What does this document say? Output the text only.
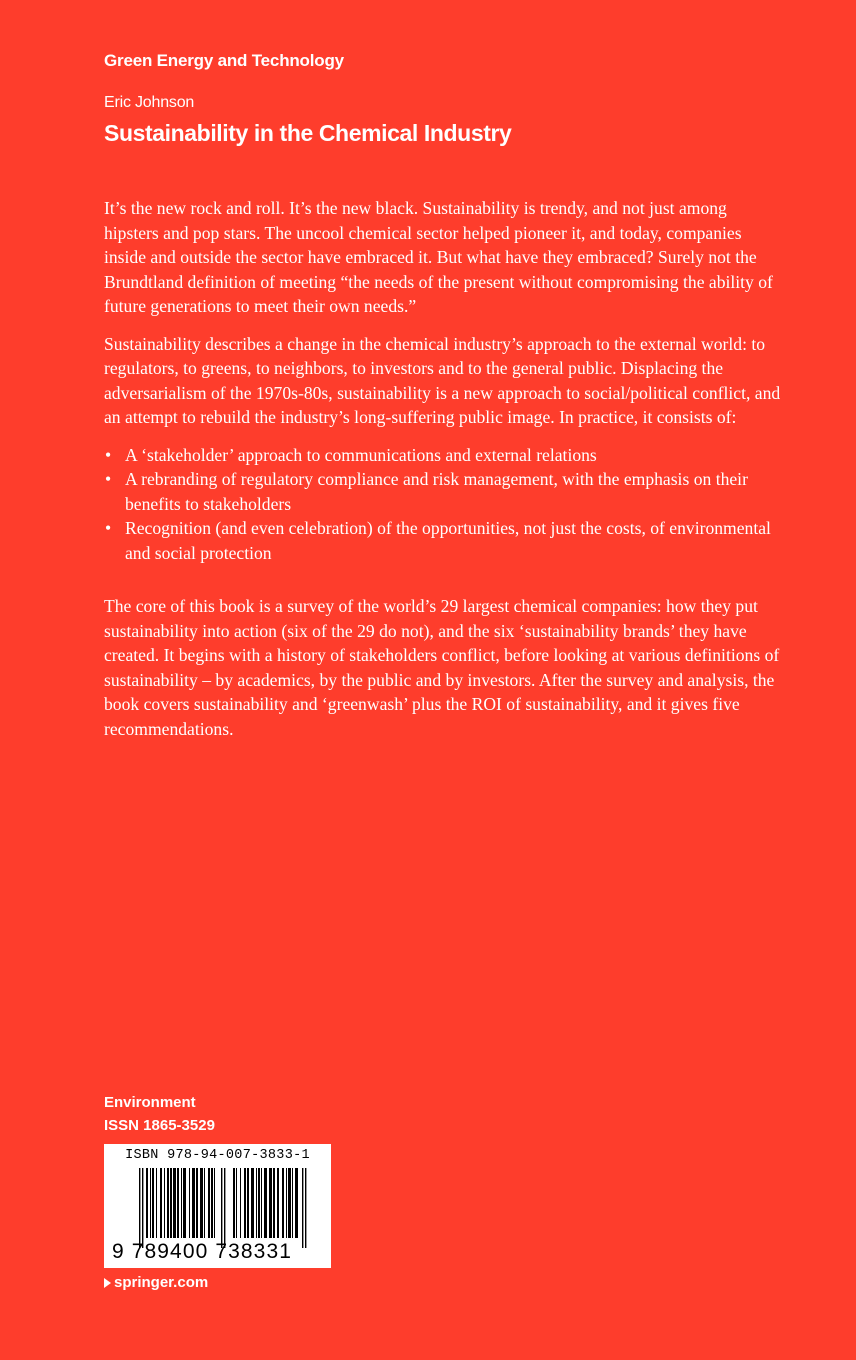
Green Energy and Technology
Eric Johnson
Sustainability in the Chemical Industry

It’s the new rock and roll. It’s the new black. Sustainability is trendy, and not just among hipsters and pop stars. The uncool chemical sector helped pioneer it, and today, companies inside and outside the sector have embraced it. But what have they embraced? Surely not the Brundtland definition of meeting “the needs of the present without compromising the ability of future generations to meet their own needs.”

Sustainability describes a change in the chemical industry’s approach to the external world: to regulators, to greens, to neighbors, to investors and to the general public. Displacing the adversarialism of the 1970s-80s, sustainability is a new approach to social/political conflict, and an attempt to rebuild the industry’s long-suffering public image. In practice, it consists of:

• A ‘stakeholder’ approach to communications and external relations
• A rebranding of regulatory compliance and risk management, with the emphasis on their benefits to stakeholders
• Recognition (and even celebration) of the opportunities, not just the costs, of environmental and social protection

The core of this book is a survey of the world’s 29 largest chemical companies: how they put sustainability into action (six of the 29 do not), and the six ‘sustainability brands’ they have created. It begins with a history of stakeholders conflict, before looking at various definitions of sustainability – by academics, by the public and by investors. After the survey and analysis, the book covers sustainability and ‘greenwash’ plus the ROI of sustainability, and it gives five recommendations.

Environment
ISSN 1865-3529
ISBN 978-94-007-3833-1
9 789400 738331
springer.com
